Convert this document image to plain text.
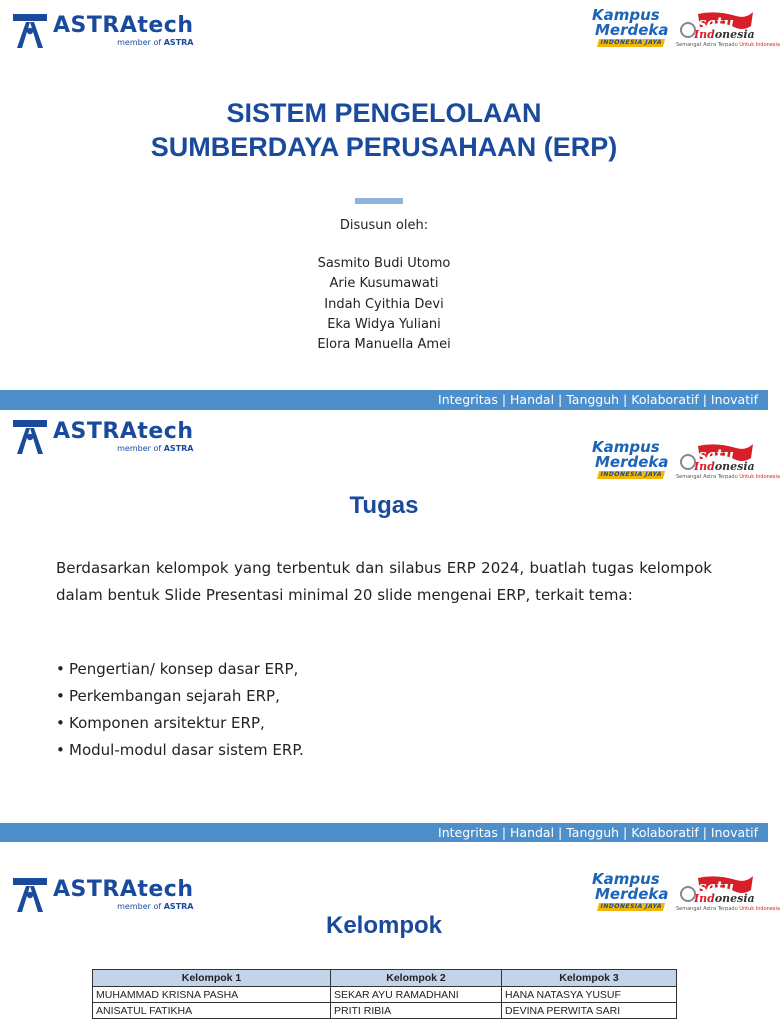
ASTRAtech
member of ASTRA
Kampus
Merdeka
INDONESIA JAYA
satu
Indonesia
Semangat Astra Terpadu Untuk Indonesia
SISTEM PENGELOLAAN
SUMBERDAYA PERUSAHAAN (ERP)
Disusun oleh:
Sasmito Budi Utomo
Arie Kusumawati
Indah Cyithia Devi
Eka Widya Yuliani
Elora Manuella Amei
Integritas | Handal | Tangguh | Kolaboratif | Inovatif
ASTRAtech
member of ASTRA	Kampus
Merdeka
INDONESIA JAYA
satu
Indonesia
Semangat Astra Terpadu Untuk Indonesia
Tugas

Berdasarkan kelompok yang terbentuk dan silabus ERP 2024, buatlah tugas kelompok dalam bentuk Slide Presentasi minimal 20 slide mengenai ERP, terkait tema:

• Pengertian/ konsep dasar ERP,
• Perkembangan sejarah ERP,
• Komponen arsitektur ERP,
• Modul-modul dasar sistem ERP.
Integritas | Handal | Tangguh | Kolaboratif | Inovatif
ASTRAtech
member of ASTRA
Kampus
Merdeka
INDONESIA JAYA
satu
Indonesia
Semangat Astra Terpadu Untuk Indonesia
Kelompok
Kelompok 1	Kelompok 2	Kelompok 3
MUHAMMAD KRISNA PASHA	SEKAR AYU RAMADHANI	HANA NATASYA YUSUF
ANISATUL FATIKHA	PRITI RIBIA	DEVINA PERWITA SARI
